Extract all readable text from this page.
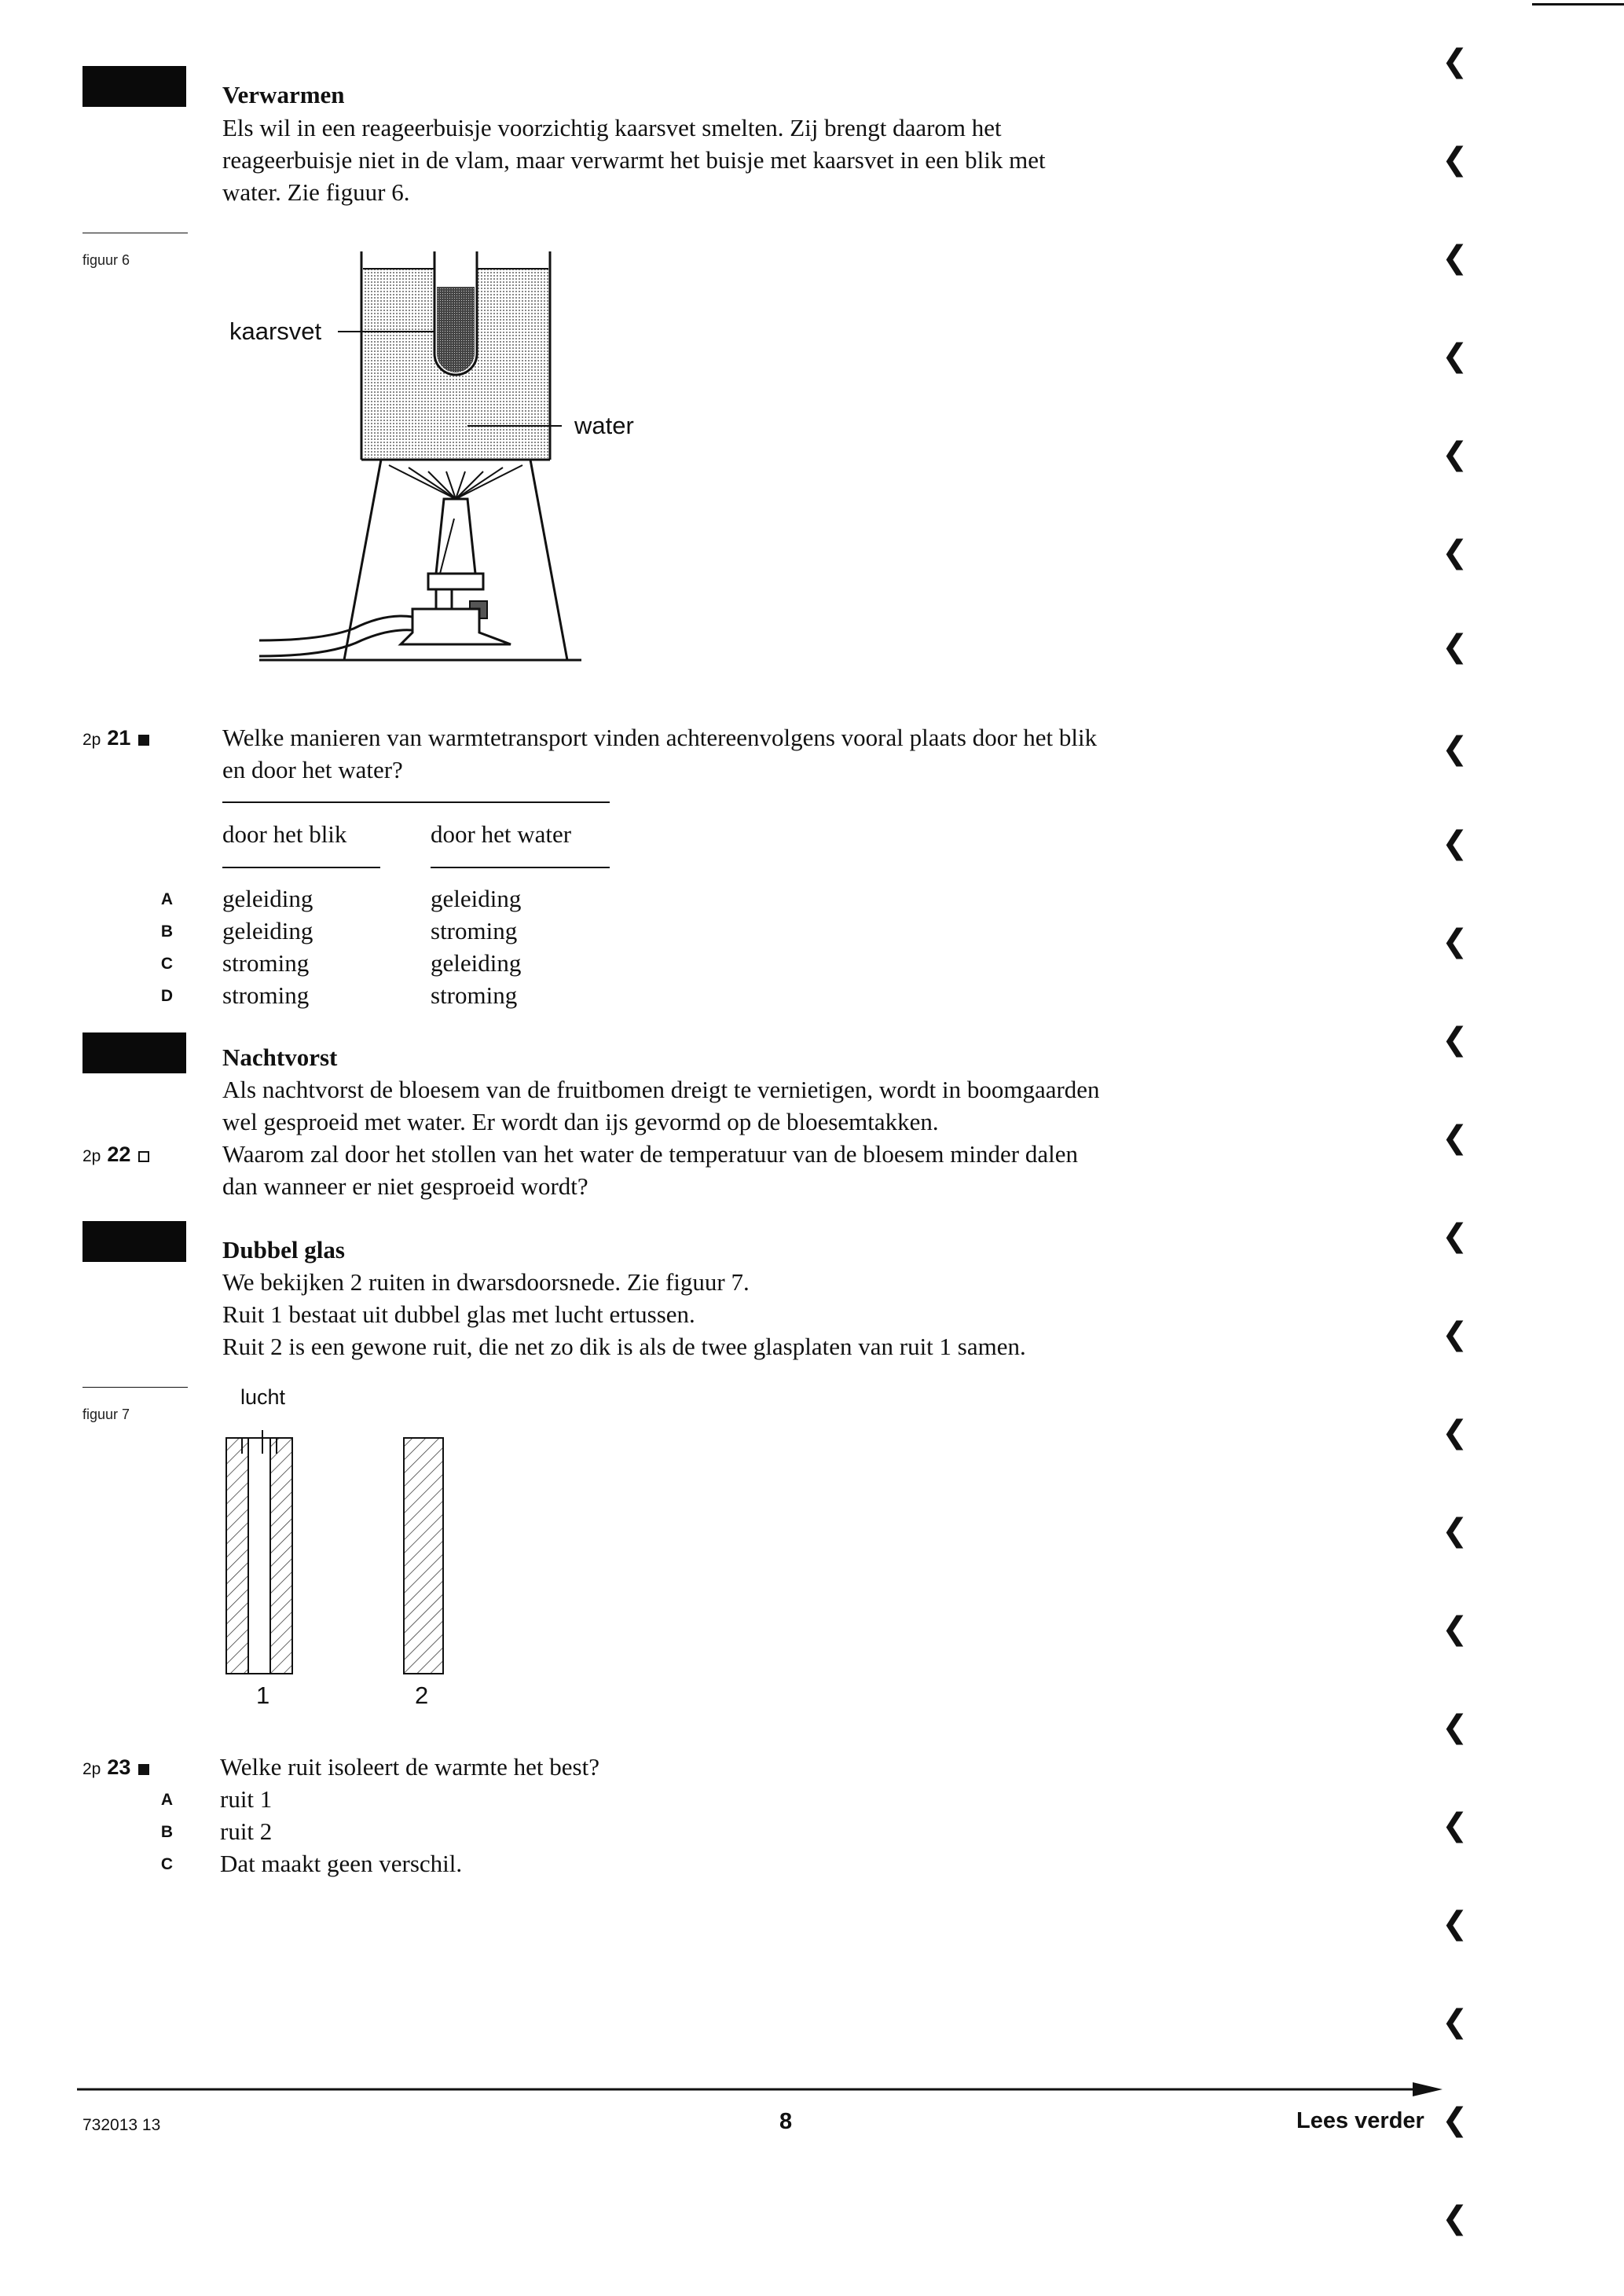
Verwarmen
Els wil in een reageerbuisje voorzichtig kaarsvet smelten. Zij brengt daarom het
reageerbuisje niet in de vlam, maar verwarmt het buisje met kaarsvet in een blik met
water. Zie figuur 6.
figuur 6
kaarsvet
water
2p 21	Welke manieren van warmtetransport vinden achtereenvolgens vooral plaats door het blik
en door het water?
door het blik	door het water
A geleiding	geleiding
B geleiding	stroming
C stroming	geleiding
D stroming	stroming
Nachtvorst
Als nachtvorst de bloesem van de fruitbomen dreigt te vernietigen, wordt in boomgaarden
wel gesproeid met water. Er wordt dan ijs gevormd op de bloesemtakken.
2p 22	Waarom zal door het stollen van het water de temperatuur van de bloesem minder dalen
dan wanneer er niet gesproeid wordt?
Dubbel glas
We bekijken 2 ruiten in dwarsdoorsnede. Zie figuur 7.
Ruit 1 bestaat uit dubbel glas met lucht ertussen.
Ruit 2 is een gewone ruit, die net zo dik is als de twee glasplaten van ruit 1 samen.
figuur 7
lucht
1	2
2p 23	Welke ruit isoleert de warmte het best?
A ruit 1
B ruit 2
C Dat maakt geen verschil.
732013 13	8	Lees verder
❮
❮
❮
❮
❮
❮
❮
❮
❮
❮
❮
❮
❮
❮
❮
❮
❮
❮
❮
❮
❮
❮
❮
